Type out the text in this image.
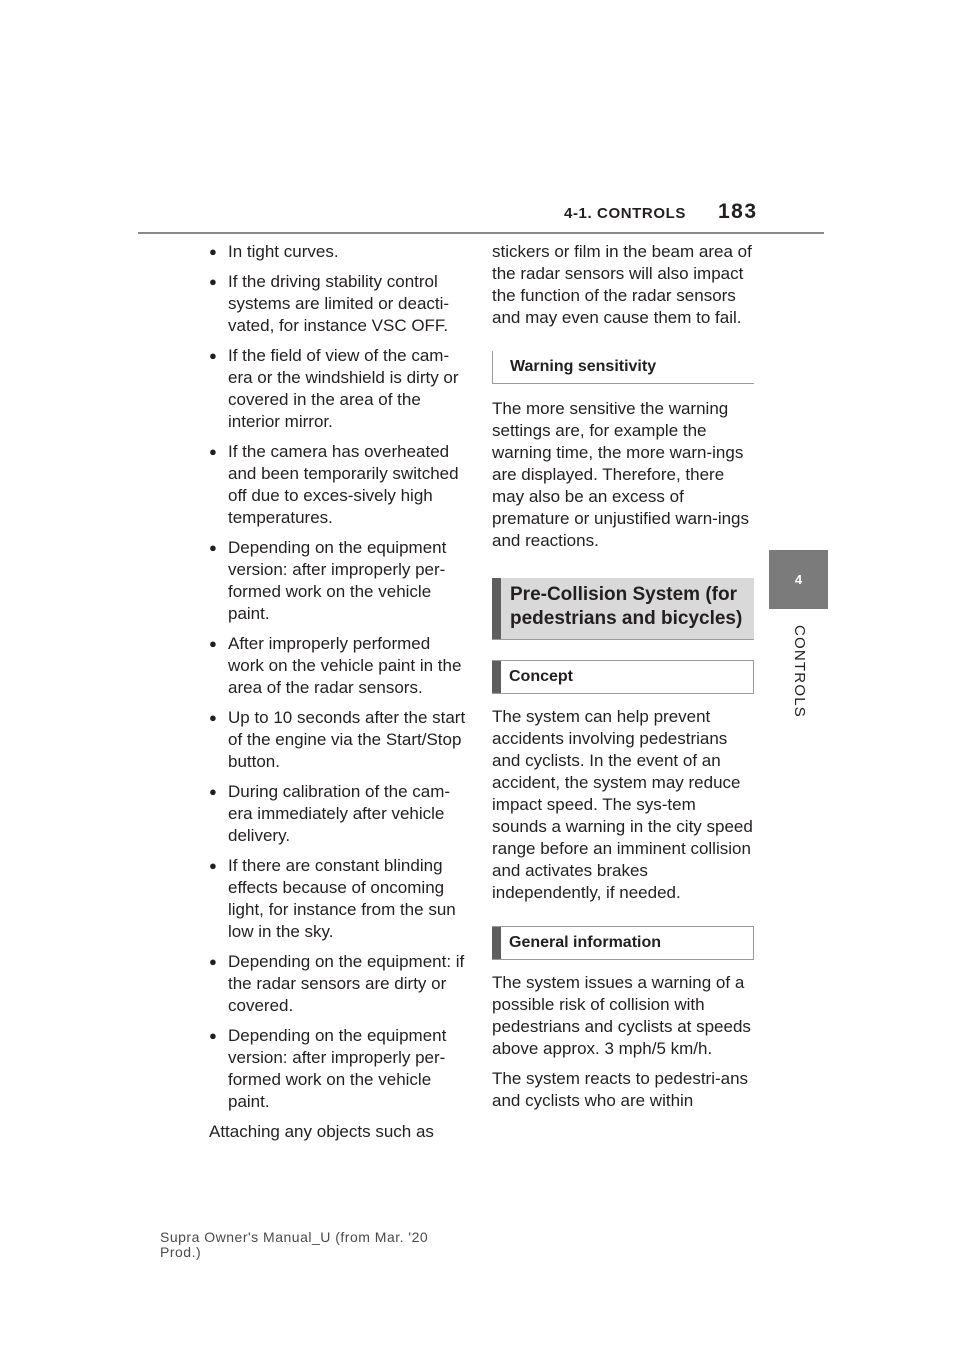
4-1. CONTROLS 183
4
CONTROLS
● In tight curves.
● If the driving stability control systems are limited or deacti-vated, for instance VSC OFF.
● If the field of view of the cam-era or the windshield is dirty or covered in the area of the interior mirror.
● If the camera has overheated and been temporarily switched off due to exces-sively high temperatures.
● Depending on the equipment version: after improperly per-formed work on the vehicle paint.
● After improperly performed work on the vehicle paint in the area of the radar sensors.
● Up to 10 seconds after the start of the engine via the Start/Stop button.
● During calibration of the cam-era immediately after vehicle delivery.
● If there are constant blinding effects because of oncoming light, for instance from the sun low in the sky.
● Depending on the equipment: if the radar sensors are dirty or covered.
● Depending on the equipment version: after improperly per-formed work on the vehicle paint.

Attaching any objects such as

stickers or film in the beam area of the radar sensors will also impact the function of the radar sensors and may even cause them to fail.

Warning sensitivity

The more sensitive the warning settings are, for example the warning time, the more warn-ings are displayed. Therefore, there may also be an excess of premature or unjustified warn-ings and reactions.

Pre-Collision System (for pedestrians and bicycles)
Concept

The system can help prevent accidents involving pedestrians and cyclists. In the event of an accident, the system may reduce impact speed. The sys-tem sounds a warning in the city speed range before an imminent collision and activates brakes independently, if needed.

General information

The system issues a warning of a possible risk of collision with pedestrians and cyclists at speeds above approx. 3 mph/5 km/h.

The system reacts to pedestri-ans and cyclists who are within

Supra Owner's Manual_U (from Mar. '20 Prod.)
